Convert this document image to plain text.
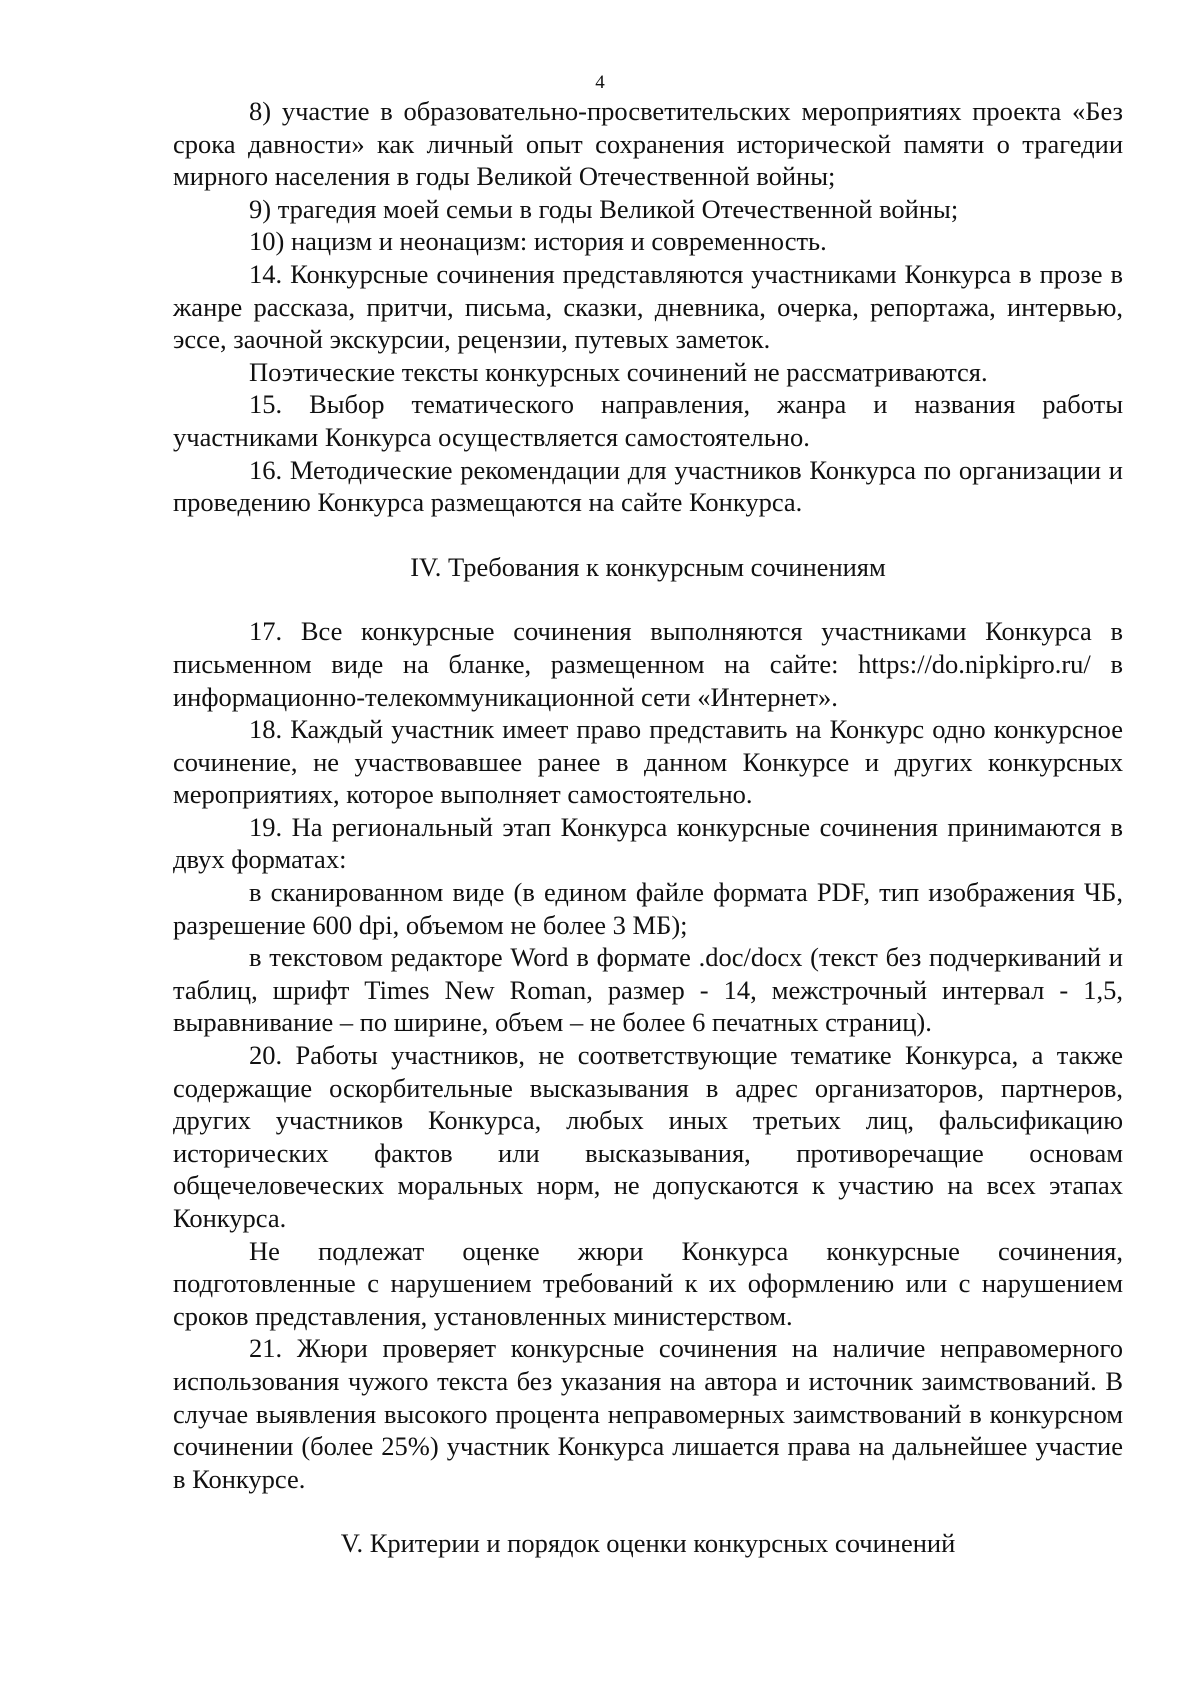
4

8) участие в образовательно-просветительских мероприятиях проекта «Без срока давности» как личный опыт сохранения исторической памяти о трагедии мирного населения в годы Великой Отечественной войны;

9) трагедия моей семьи в годы Великой Отечественной войны;

10) нацизм и неонацизм: история и современность.

14. Конкурсные сочинения представляются участниками Конкурса в прозе в жанре рассказа, притчи, письма, сказки, дневника, очерка, репортажа, интервью, эссе, заочной экскурсии, рецензии, путевых заметок.

Поэтические тексты конкурсных сочинений не рассматриваются.

15. Выбор тематического направления, жанра и названия работы участниками Конкурса осуществляется самостоятельно.

16. Методические рекомендации для участников Конкурса по организации и проведению Конкурса размещаются на сайте Конкурса.

IV. Требования к конкурсным сочинениям

17. Все конкурсные сочинения выполняются участниками Конкурса в письменном виде на бланке, размещенном на сайте: https://do.nipkipro.ru/ в информационно-телекоммуникационной сети «Интернет».

18. Каждый участник имеет право представить на Конкурс одно конкурсное сочинение, не участвовавшее ранее в данном Конкурсе и других конкурсных мероприятиях, которое выполняет самостоятельно.

19. На региональный этап Конкурса конкурсные сочинения принимаются в двух форматах:

в сканированном виде (в едином файле формата PDF, тип изображения ЧБ, разрешение 600 dpi, объемом не более 3 МБ);

в текстовом редакторе Word в формате .doc/docx (текст без подчеркиваний и таблиц, шрифт Times New Roman, размер - 14, межстрочный интервал - 1,5, выравнивание – по ширине, объем – не более 6 печатных страниц).

20. Работы участников, не соответствующие тематике Конкурса, а также содержащие оскорбительные высказывания в адрес организаторов, партнеров, других участников Конкурса, любых иных третьих лиц, фальсификацию исторических фактов или высказывания, противоречащие основам общечеловеческих моральных норм, не допускаются к участию на всех этапах Конкурса.

Не подлежат оценке жюри Конкурса конкурсные сочинения, подготовленные с нарушением требований к их оформлению или с нарушением сроков представления, установленных министерством.

21. Жюри проверяет конкурсные сочинения на наличие неправомерного использования чужого текста без указания на автора и источник заимствований. В случае выявления высокого процента неправомерных заимствований в конкурсном сочинении (более 25%) участник Конкурса лишается права на дальнейшее участие в Конкурсе.

V. Критерии и порядок оценки конкурсных сочинений
